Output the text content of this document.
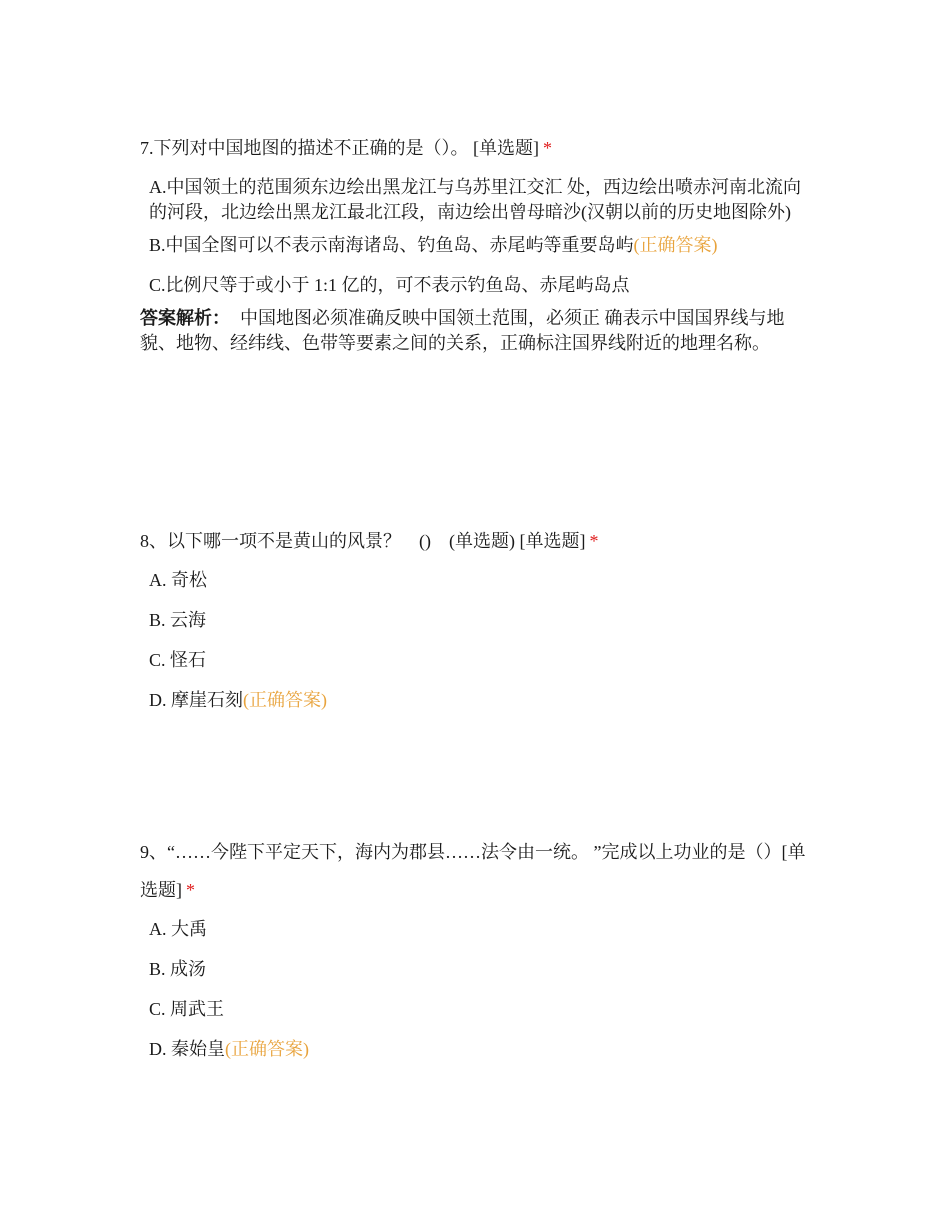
7.下列对中国地图的描述不正确的是（）。 [单选题] *

A.中国领土的范围须东边绘出黑龙江与乌苏里江交汇 处，西边绘出喷赤河南北流向的河段，北边绘出黑龙江最北江段，南边绘出曾母暗沙(汉朝以前的历史地图除外)
B.中国全图可以不表示南海诸岛、钓鱼岛、赤尾屿等重要岛屿(正确答案)
C.比例尺等于或小于 1:1 亿的，可不表示钓鱼岛、赤尾屿岛点
答案解析： 中国地图必须准确反映中国领土范围，必须正 确表示中国国界线与地貌、地物、经纬线、色带等要素之间的关系，正确标注国界线附近的地理名称。

8、以下哪一项不是黄山的风景？　()　(单选题) [单选题] *

A. 奇松
B. 云海
C. 怪石
D. 摩崖石刻(正确答案)

9、“……今陛下平定天下，海内为郡县……法令由一统。 ”完成以上功业的是（）[单选题] *

A. 大禹
B. 成汤
C. 周武王
D. 秦始皇(正确答案)
